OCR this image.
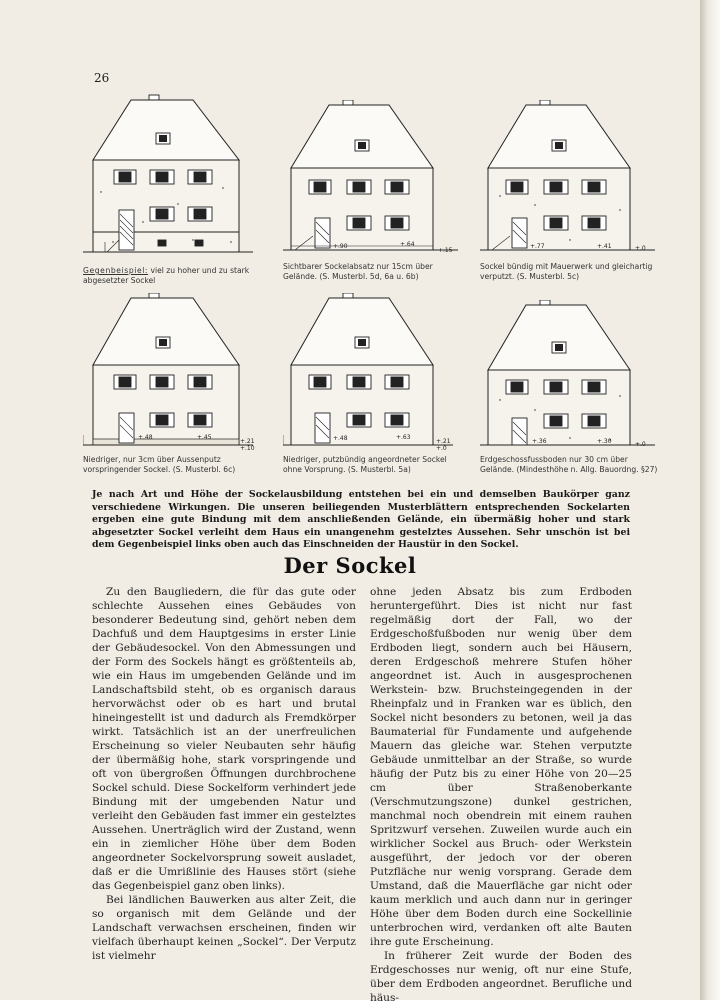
26
Gegenbeispiel: viel zu hoher und zu stark abgesetzter Sockel
+.90	+.64
+.15
Sichtbarer Sockelabsatz nur 15cm über Gelände. (S. Musterbl. 5d, 6a u. 6b)
+.77	+.41	+.0
Sockel bündig mit Mauerwerk und gleichartig verputzt. (S. Musterbl. 5c)
+.48	+.45
+.21
+.10
Niedriger, nur 3cm über Aussenputz vorspringender Sockel. (S. Musterbl. 6c)
+.48	+.63
+.21
+.0
Niedriger, putzbündig angeordneter Sockel ohne Vorsprung. (S. Musterbl. 5a)
+.36	+.30	+.0
Erdgeschossfussboden nur 30 cm über Gelände. (Mindesthöhe n. Allg. Bauordng. §27)
Je nach Art und Höhe der Sockelausbildung entstehen bei ein und demselben Baukörper ganz verschiedene Wirkungen. Die unseren beiliegenden Musterblättern entsprechenden Sockelarten ergeben eine gute Bindung mit dem anschließenden Gelände, ein übermäßig hoher und stark abgesetzter Sockel verleiht dem Haus ein unangenehm gestelztes Aussehen. Sehr unschön ist bei dem Gegenbeispiel links oben auch das Einschneiden der Haustür in den Sockel.
Der Sockel

Zu den Baugliedern, die für das gute oder schlechte Aussehen eines Gebäudes von besonderer Bedeutung sind, gehört neben dem Dachfuß und dem Hauptgesims in erster Linie der Gebäudesockel. Von den Abmessungen und der Form des Sockels hängt es größtenteils ab, wie ein Haus im umgebenden Gelände und im Landschaftsbild steht, ob es organisch daraus hervorwächst oder ob es hart und brutal hineingestellt ist und dadurch als Fremdkörper wirkt. Tatsächlich ist an der unerfreulichen Erscheinung so vieler Neubauten sehr häufig der übermäßig hohe, stark vorspringende und oft von übergroßen Öffnungen durchbrochene Sockel schuld. Diese Sockelform verhindert jede Bindung mit der umgebenden Natur und verleiht den Gebäuden fast immer ein gestelztes Aussehen. Unerträglich wird der Zustand, wenn ein in ziemlicher Höhe über dem Boden angeordneter Sockelvorsprung soweit ausladet, daß er die Umrißlinie des Hauses stört (siehe das Gegenbeispiel ganz oben links).

Bei ländlichen Bauwerken aus alter Zeit, die so organisch mit dem Gelände und der Landschaft verwachsen erscheinen, finden wir vielfach überhaupt keinen „Sockel“. Der Verputz ist vielmehr

ohne jeden Absatz bis zum Erdboden heruntergeführt. Dies ist nicht nur fast regelmäßig dort der Fall, wo der Erdgeschoßfußboden nur wenig über dem Erdboden liegt, sondern auch bei Häusern, deren Erdgeschoß mehrere Stufen höher angeordnet ist. Auch in ausgesprochenen Werkstein- bzw. Bruchsteingegenden in der Rheinpfalz und in Franken war es üblich, den Sockel nicht besonders zu betonen, weil ja das Baumaterial für Fundamente und aufgehende Mauern das gleiche war. Stehen verputzte Gebäude unmittelbar an der Straße, so wurde häufig der Putz bis zu einer Höhe von 20—25 cm über Straßenoberkante (Verschmutzungszone) dunkel gestrichen, manchmal noch obendrein mit einem rauhen Spritzwurf versehen. Zuweilen wurde auch ein wirklicher Sockel aus Bruch- oder Werkstein ausgeführt, der jedoch vor der oberen Putzfläche nur wenig vorsprang. Gerade dem Umstand, daß die Mauerfläche gar nicht oder kaum merklich und auch dann nur in geringer Höhe über dem Boden durch eine Sockellinie unterbrochen wird, verdanken oft alte Bauten ihre gute Erscheinung.

In früherer Zeit wurde der Boden des Erdgeschosses nur wenig, oft nur eine Stufe, über dem Erdboden angeordnet. Berufliche und häus-
